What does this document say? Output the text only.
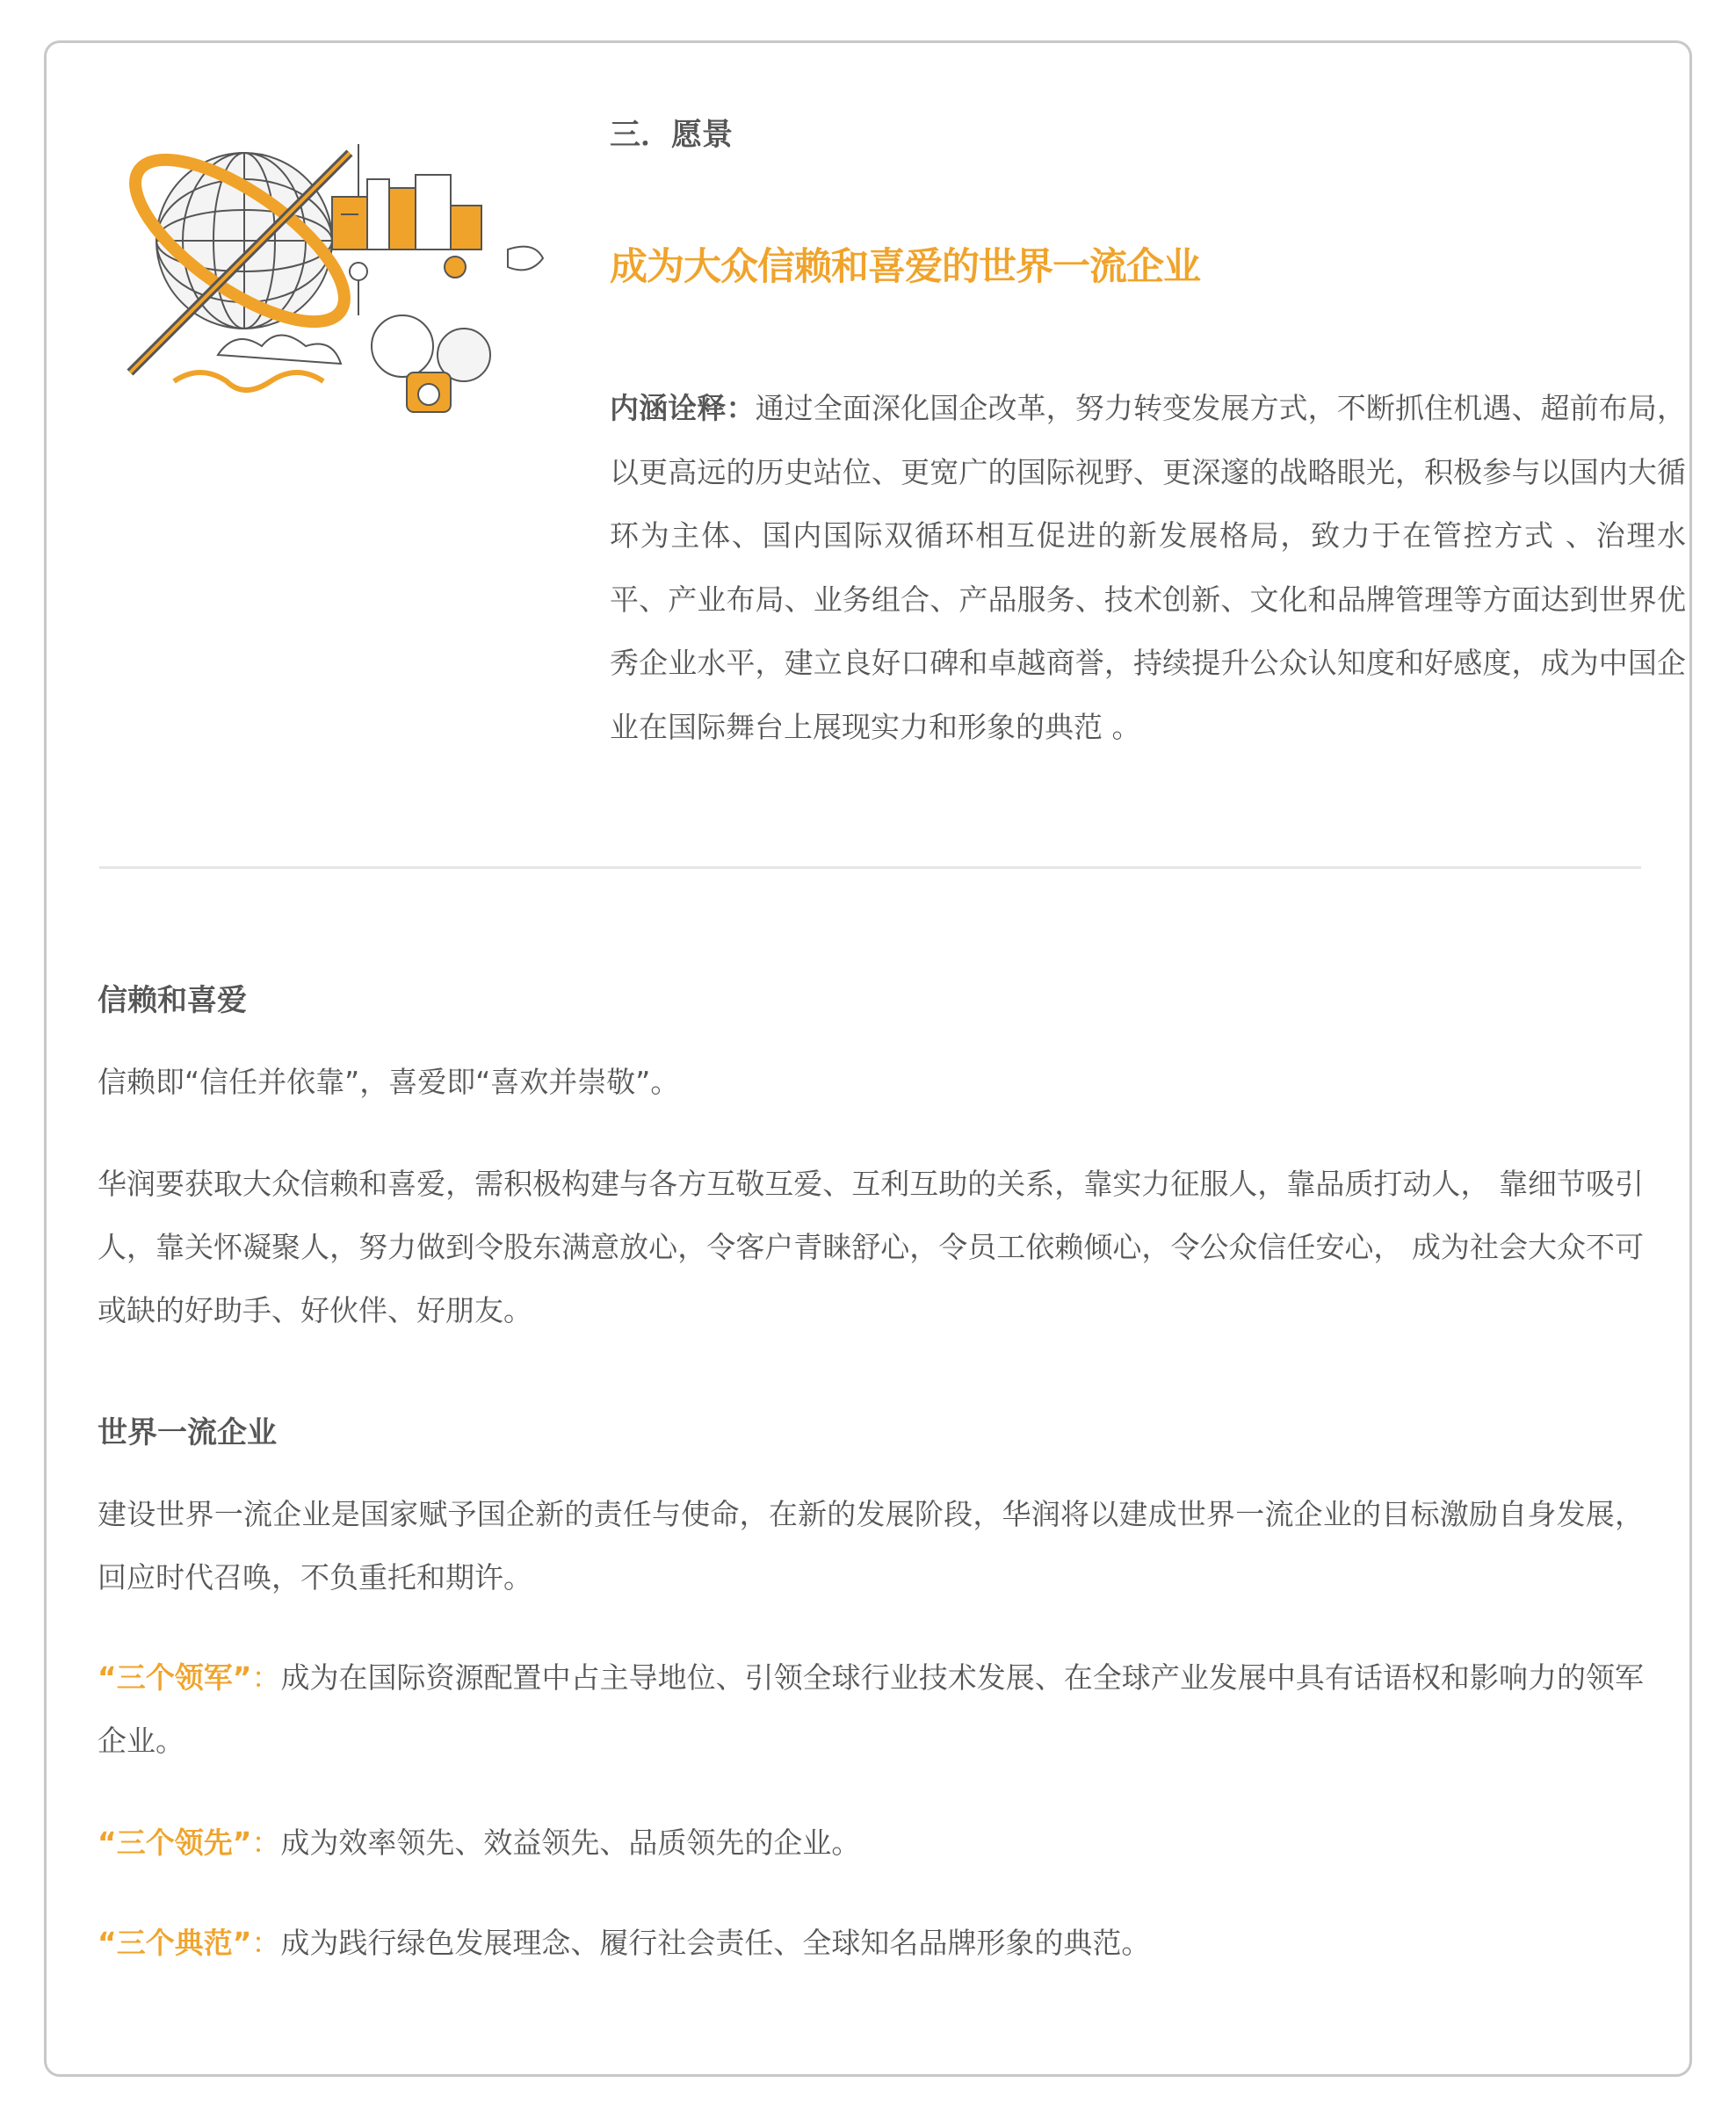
三．愿景
成为大众信赖和喜爱的世界一流企业

内涵诠释：通过全面深化国企改革，努力转变发展方式，不断抓住机遇、超前布局，以更高远的历史站位、更宽广的国际视野、更深邃的战略眼光，积极参与以国内大循环为主体、国内国际双循环相互促进的新发展格局，致力于在管控方式 、治理水平、产业布局、业务组合、产品服务、技术创新、文化和品牌管理等方面达到世界优秀企业水平，建立良好口碑和卓越商誉，持续提升公众认知度和好感度，成为中国企业在国际舞台上展现实力和形象的典范 。

信赖和喜爱

信赖即“信任并依靠”，喜爱即“喜欢并崇敬”。

华润要获取大众信赖和喜爱，需积极构建与各方互敬互爱、互利互助的关系，靠实力征服人，靠品质打动人， 靠细节吸引人，靠关怀凝聚人，努力做到令股东满意放心，令客户青睐舒心，令员工依赖倾心，令公众信任安心， 成为社会大众不可或缺的好助手、好伙伴、好朋友。

世界一流企业

建设世界一流企业是国家赋予国企新的责任与使命，在新的发展阶段，华润将以建成世界一流企业的目标激励自身发展，回应时代召唤，不负重托和期许。

“三个领军”：成为在国际资源配置中占主导地位、引领全球行业技术发展、在全球产业发展中具有话语权和影响力的领军企业。

“三个领先”：成为效率领先、效益领先、品质领先的企业。

“三个典范”：成为践行绿色发展理念、履行社会责任、全球知名品牌形象的典范。
